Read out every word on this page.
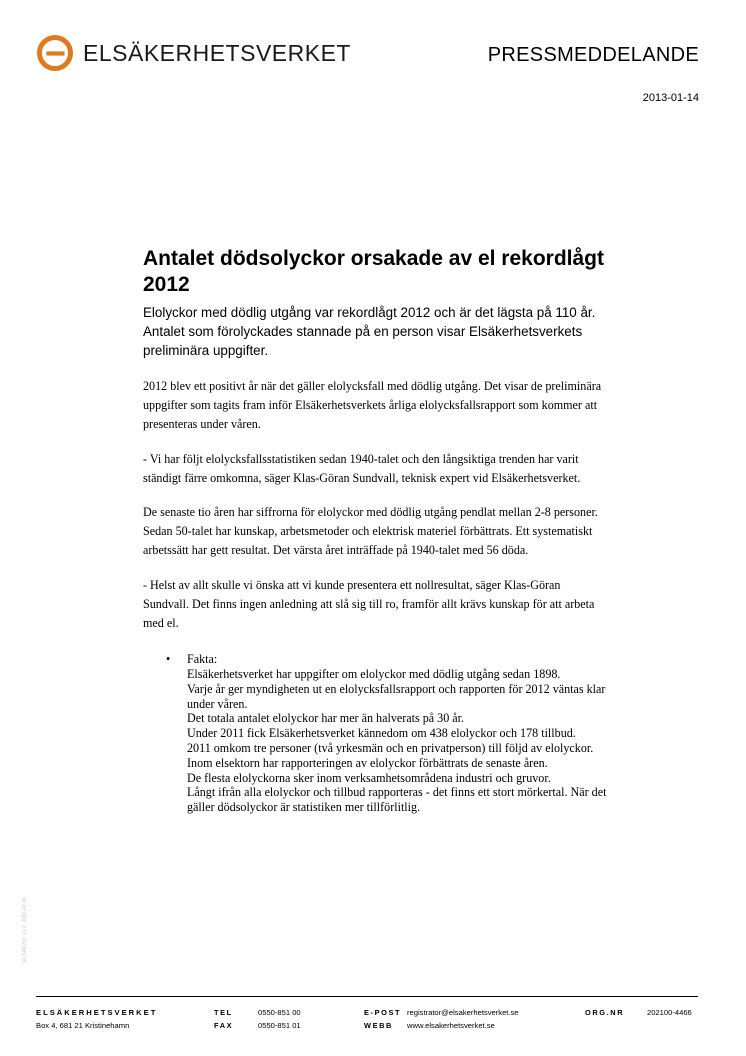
ELSÄKERHETSVERKET	PRESSMEDDELANDE
2013-01-14
Antalet dödsolyckor orsakade av el rekordlågt 2012

Elolyckor med dödlig utgång var rekordlågt 2012 och är det lägsta på 110 år. Antalet som förolyckades stannade på en person visar Elsäkerhetsverkets preliminära uppgifter.

2012 blev ett positivt år när det gäller elolycksfall med dödlig utgång. Det visar de preliminära uppgifter som tagits fram inför Elsäkerhetsverkets årliga elolycksfallsrapport som kommer att presenteras under våren.

- Vi har följt elolycksfallsstatistiken sedan 1940-talet och den långsiktiga trenden har varit ständigt färre omkomna, säger Klas-Göran Sundvall, teknisk expert vid Elsäkerhetsverket.

De senaste tio åren har siffrorna för elolyckor med dödlig utgång pendlat mellan 2-8 personer. Sedan 50-talet har kunskap, arbetsmetoder och elektrisk materiel förbättrats. Ett systematiskt arbetssätt har gett resultat. Det värsta året inträffade på 1940-talet med 56 döda.

- Helst av allt skulle vi önska att vi kunde presentera ett nollresultat, säger Klas-Göran Sundvall. Det finns ingen anledning att slå sig till ro, framför allt krävs kunskap för att arbeta med el.

• Fakta:
Elsäkerhetsverket har uppgifter om elolyckor med dödlig utgång sedan 1898.
Varje år ger myndigheten ut en elolycksfallsrapport och rapporten för 2012 väntas klar under våren.
Det totala antalet elolyckor har mer än halverats på 30 år.
Under 2011 fick Elsäkerhetsverket kännedom om 438 elolyckor och 178 tillbud.
2011 omkom tre personer (två yrkesmän och en privatperson) till följd av elolyckor.
Inom elsektorn har rapporteringen av elolyckor förbättrats de senaste åren.
De flesta elolyckorna sker inom verksamhetsområdena industri och gruvor.
Långt ifrån alla elolyckor och tillbud rapporteras - det finns ett stort mörkertal. När det gäller dödsolyckor är statistiken mer tillförlitlig.
ELSÄK201, v1.2, 2012-01-20
ELSÄKERHETSVERKET
Box 4, 681 21 Kristinehamn
TEL
FAX
0550-851 00
0550-851 01
E-POST
WEBB
registrator@elsakerhetsverket.se
www.elsakerhetsverket.se
ORG.NR	202100-4466
